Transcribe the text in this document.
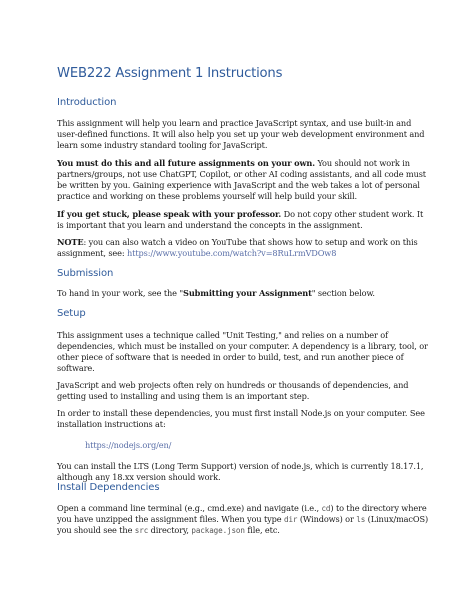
WEB222 Assignment 1 Instructions
Introduction

This assignment will help you learn and practice JavaScript syntax, and use built-in and user-defined functions. It will also help you set up your web development environment and learn some industry standard tooling for JavaScript.

You must do this and all future assignments on your own. You should not work in partners/groups, not use ChatGPT, Copilot, or other AI coding assistants, and all code must be written by you. Gaining experience with JavaScript and the web takes a lot of personal practice and working on these problems yourself will help build your skill.

If you get stuck, please speak with your professor. Do not copy other student work. It is important that you learn and understand the concepts in the assignment.

NOTE: you can also watch a video on YouTube that shows how to setup and work on this assignment, see: https://www.youtube.com/watch?v=8RuLrmVDOw8

Submission

To hand in your work, see the "Submitting your Assignment" section below.

Setup

This assignment uses a technique called "Unit Testing," and relies on a number of dependencies, which must be installed on your computer. A dependency is a library, tool, or other piece of software that is needed in order to build, test, and run another piece of software.

JavaScript and web projects often rely on hundreds or thousands of dependencies, and getting used to installing and using them is an important step.

In order to install these dependencies, you must first install Node.js on your computer. See installation instructions at:

https://nodejs.org/en/

You can install the LTS (Long Term Support) version of node.js, which is currently 18.17.1, although any 18.xx version should work.

Install Dependencies

Open a command line terminal (e.g., cmd.exe) and navigate (i.e., cd) to the directory where you have unzipped the assignment files. When you type dir (Windows) or ls (Linux/macOS) you should see the src directory, package.json file, etc.
